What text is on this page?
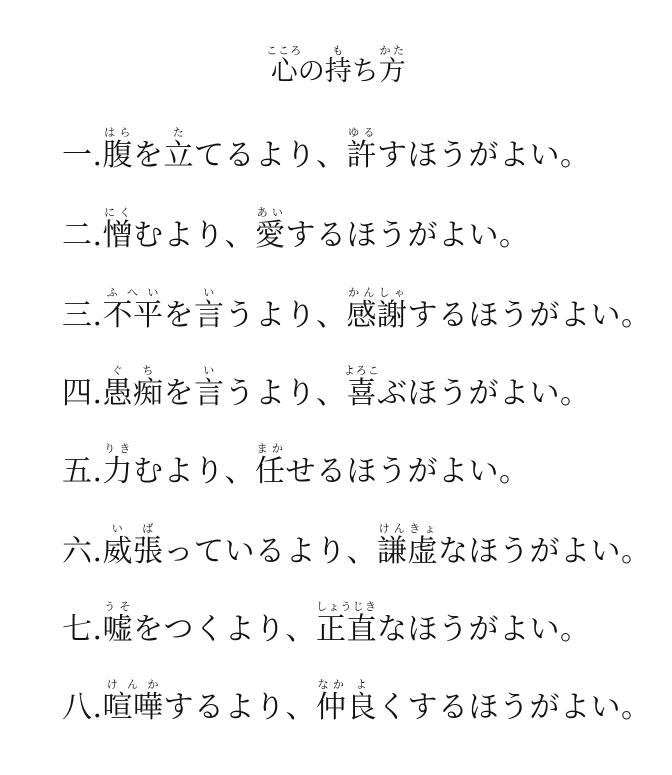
心こころの持もち方かた
一.腹はらを立たてるより、許ゆるすほうがよい。
二.憎にくむより、愛あいするほうがよい。
三.不平ふへいを言いうより、感謝かんしゃするほうがよい。
四.愚痴ぐちを言いうより、喜よろこぶほうがよい。
五.力りきむより、任まかせるほうがよい。
六.威張いばっているより、謙虚けんきょなほうがよい。
七.嘘うそをつくより、正直しょうじきなほうがよい。
八.喧嘩けんかするより、仲なか良よくするほうがよい。
